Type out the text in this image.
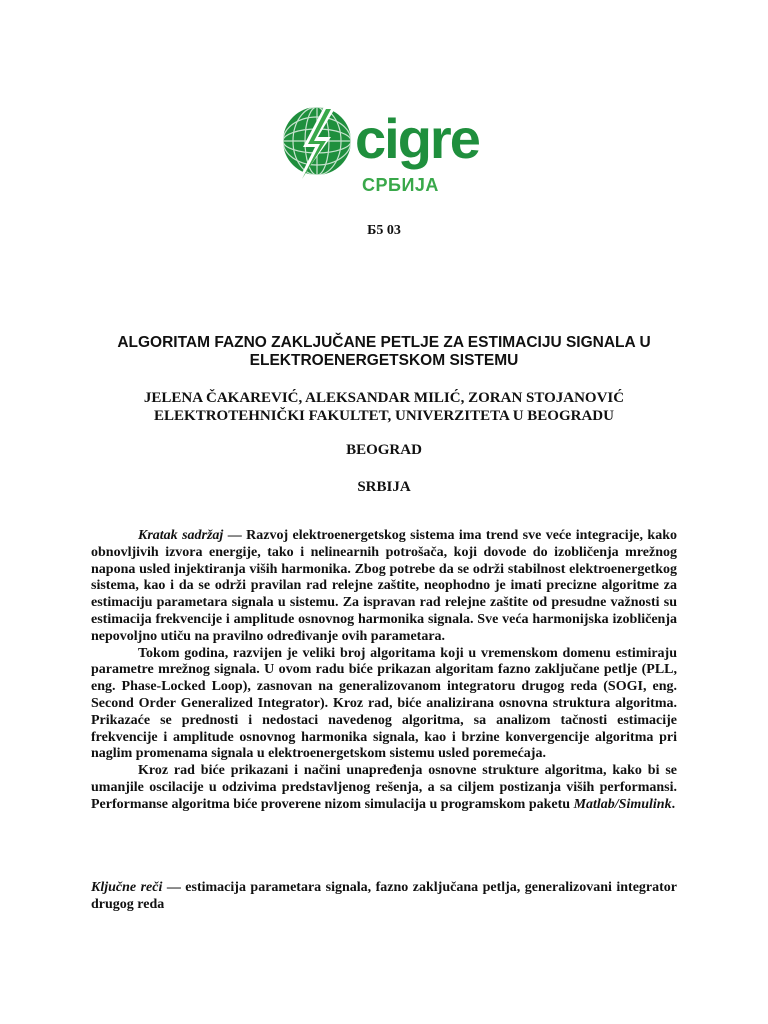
cigre
СРБИЈА
Б5 03
ALGORITAM FAZNO ZAKLJUČANE PETLJE ZA ESTIMACIJU SIGNALA U
ELEKTROENERGETSKOM SISTEMU
JELENA ČAKAREVIĆ, ALEKSANDAR MILIĆ, ZORAN STOJANOVIĆ
ELEKTROTEHNIČKI FAKULTET, UNIVERZITETA U BEOGRADU
BEOGRAD
SRBIJA

Kratak sadržaj — Razvoj elektroenergetskog sistema ima trend sve veće integracije, kako obnovljivih izvora energije, tako i nelinearnih potrošača, koji dovode do izobličenja mrežnog napona usled injektiranja viših harmonika. Zbog potrebe da se održi stabilnost elektroenergetkog sistema, kao i da se održi pravilan rad relejne zaštite, neophodno je imati precizne algoritme za estimaciju parametara signala u sistemu. Za ispravan rad relejne zaštite od presudne važnosti su estimacija frekvencije i amplitude osnovnog harmonika signala. Sve veća harmonijska izobličenja nepovoljno utiču na pravilno određivanje ovih parametara.

Tokom godina, razvijen je veliki broj algoritama koji u vremenskom domenu estimiraju parametre mrežnog signala. U ovom radu biće prikazan algoritam fazno zaključane petlje (PLL, eng. Phase-Locked Loop), zasnovan na generalizovanom integratoru drugog reda (SOGI, eng. Second Order Generalized Integrator). Kroz rad, biće analizirana osnovna struktura algoritma. Prikazaće se prednosti i nedostaci navedenog algoritma, sa analizom tačnosti estimacije frekvencije i amplitude osnovnog harmonika signala, kao i brzine konvergencije algoritma pri naglim promenama signala u elektroenergetskom sistemu usled poremećaja.

Kroz rad biće prikazani i načini unapređenja osnovne strukture algoritma, kako bi se umanjile oscilacije u odzivima predstavljenog rešenja, a sa ciljem postizanja viših performansi. Performanse algoritma biće proverene nizom simulacija u programskom paketu Matlab/Simulink.

Ključne reči — estimacija parametara signala, fazno zaključana petlja, generalizovani integrator drugog reda
